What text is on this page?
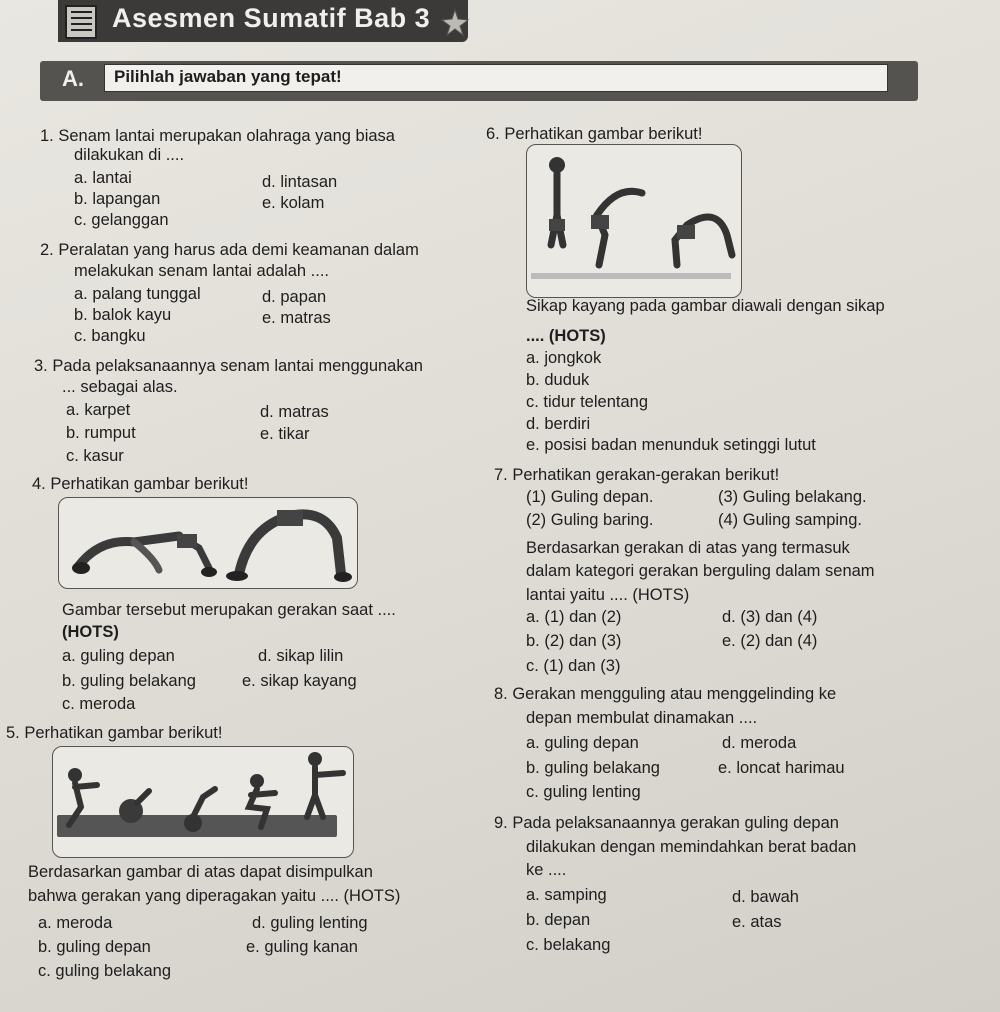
Asesmen Sumatif Bab 3
A. Pilihlah jawaban yang tepat!
1. Senam lantai merupakan olahraga yang biasa
dilakukan di ....
a. lantai
b. lapangan
c. gelanggan
d. lintasan
e. kolam
2. Peralatan yang harus ada demi keamanan dalam
melakukan senam lantai adalah ....
a. palang tunggal
b. balok kayu
c. bangku
d. papan
e. matras
3. Pada pelaksanaannya senam lantai menggunakan
... sebagai alas.
a. karpet
b. rumput
c. kasur
d. matras
e. tikar
4. Perhatikan gambar berikut!
Gambar tersebut merupakan gerakan saat ....
(HOTS)
a. guling depan
b. guling belakang
c. meroda
d. sikap lilin
e. sikap kayang
5. Perhatikan gambar berikut!
Berdasarkan gambar di atas dapat disimpulkan
bahwa gerakan yang diperagakan yaitu .... (HOTS)
a. meroda
b. guling depan
c. guling belakang
d. guling lenting
e. guling kanan
6. Perhatikan gambar berikut!
Sikap kayang pada gambar diawali dengan sikap
.... (HOTS)
a. jongkok
b. duduk
c. tidur telentang
d. berdiri
e. posisi badan menunduk setinggi lutut
7. Perhatikan gerakan-gerakan berikut!
(1) Guling depan.	(3) Guling belakang.
(2) Guling baring.	(4) Guling samping.
Berdasarkan gerakan di atas yang termasuk
dalam kategori gerakan berguling dalam senam
lantai yaitu .... (HOTS)
a. (1) dan (2)
b. (2) dan (3)
c. (1) dan (3)
d. (3) dan (4)
e. (2) dan (4)
8. Gerakan mengguling atau menggelinding ke
depan membulat dinamakan ....
a. guling depan
b. guling belakang
c. guling lenting
d. meroda
e. loncat harimau
9. Pada pelaksanaannya gerakan guling depan
dilakukan dengan memindahkan berat badan
ke ....
a. samping
b. depan
c. belakang
d. bawah
e. atas
